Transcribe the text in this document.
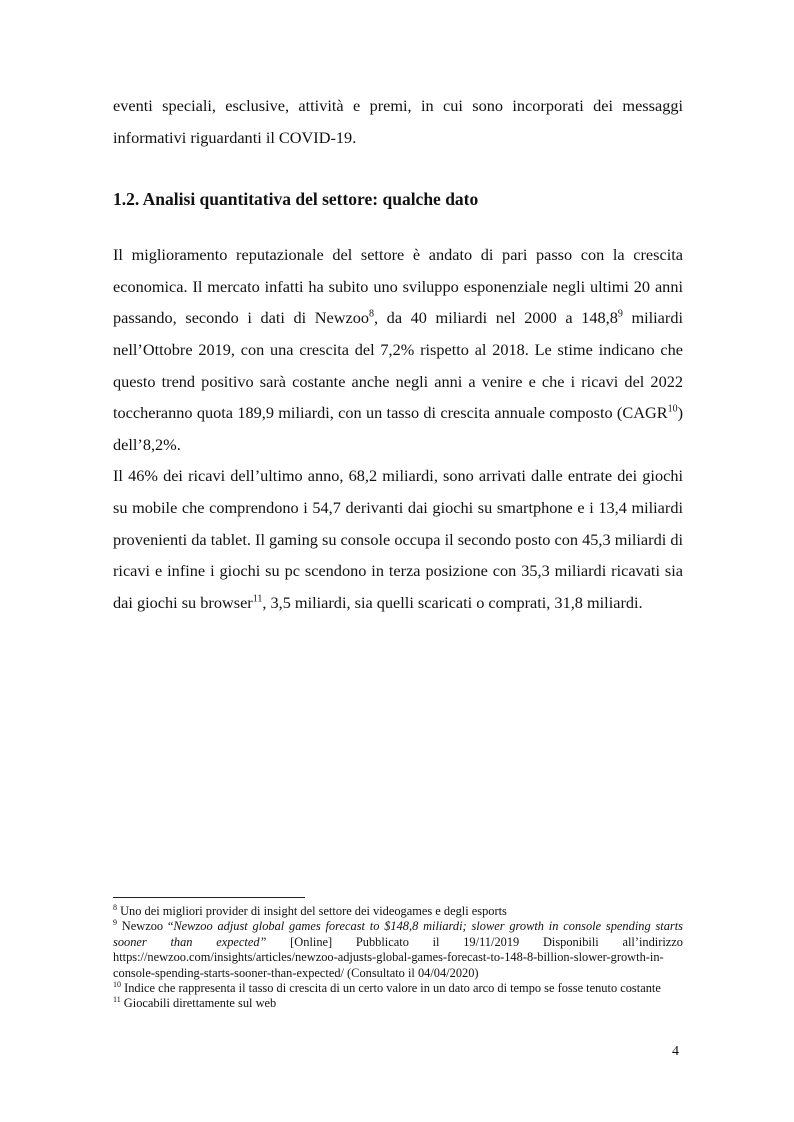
eventi speciali, esclusive, attività e premi, in cui sono incorporati dei messaggi informativi riguardanti il COVID-19.

1.2. Analisi quantitativa del settore: qualche dato

Il miglioramento reputazionale del settore è andato di pari passo con la crescita economica. Il mercato infatti ha subito uno sviluppo esponenziale negli ultimi 20 anni passando, secondo i dati di Newzoo$^8$, da 40 miliardi nel 2000 a 148,8$^9$ miliardi nell’Ottobre 2019, con una crescita del 7,2% rispetto al 2018. Le stime indicano che questo trend positivo sarà costante anche negli anni a venire e che i ricavi del 2022 toccheranno quota 189,9 miliardi, con un tasso di crescita annuale composto (CAGR$^{10}$) dell’8,2%.

Il 46% dei ricavi dell’ultimo anno, 68,2 miliardi, sono arrivati dalle entrate dei giochi su mobile che comprendono i 54,7 derivanti dai giochi su smartphone e i 13,4 miliardi provenienti da tablet. Il gaming su console occupa il secondo posto con 45,3 miliardi di ricavi e infine i giochi su pc scendono in terza posizione con 35,3 miliardi ricavati sia dai giochi su browser$^{11}$, 3,5 miliardi, sia quelli scaricati o comprati, 31,8 miliardi.

$^8$ Uno dei migliori provider di insight del settore dei videogames e degli esports

$^9$ Newzoo “Newzoo adjust global games forecast to $148,8 miliardi; slower growth in console spending starts sooner than expected” [Online] Pubblicato il 19/11/2019 Disponibili all’indirizzo https://newzoo.com/insights/articles/newzoo-adjusts-global-games-forecast-to-148-8-billion-slower-growth-in-console-spending-starts-sooner-than-expected/ (Consultato il 04/04/2020)

$^{10}$ Indice che rappresenta il tasso di crescita di un certo valore in un dato arco di tempo se fosse tenuto costante

$^{11}$ Giocabili direttamente sul web

4
